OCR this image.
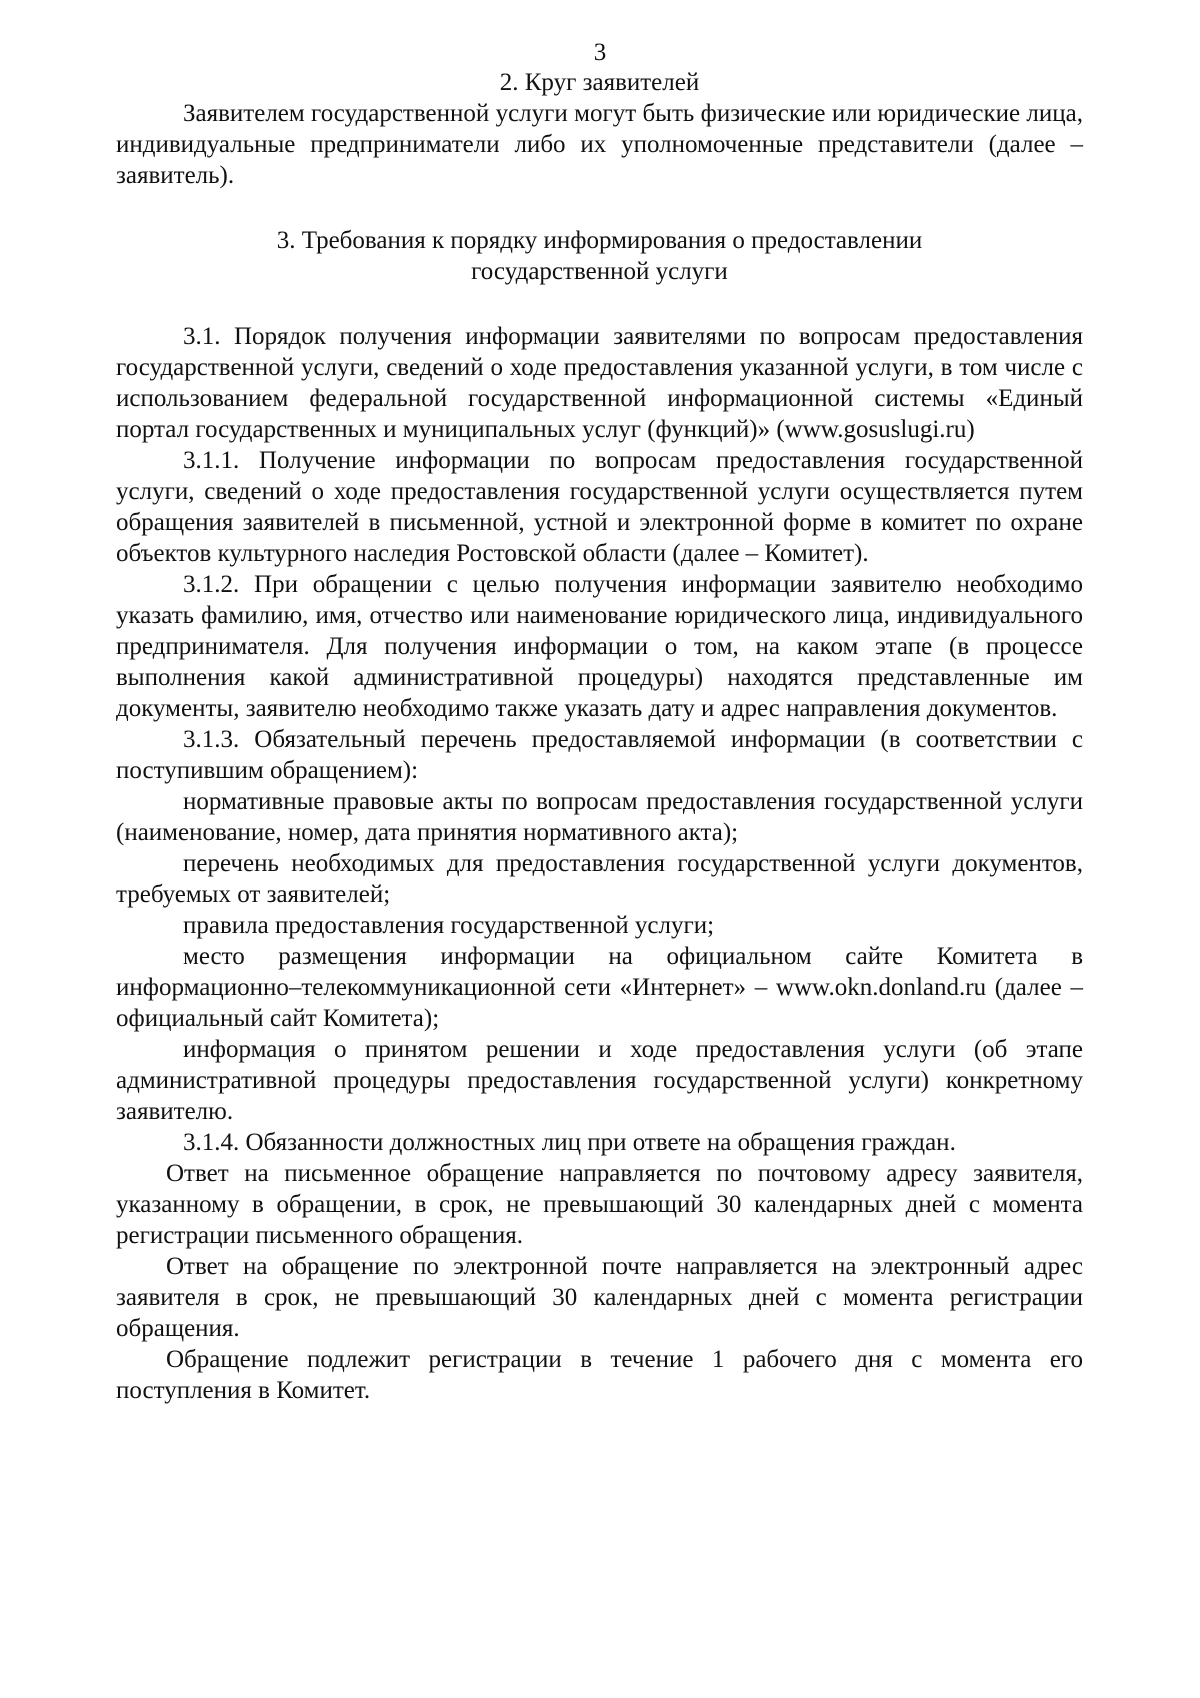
3

2. Круг заявителей

Заявителем государственной услуги могут быть физические или юридические лица, индивидуальные предприниматели либо их уполномоченные представители (далее – заявитель).

3. Требования к порядку информирования о предоставлении государственной услуги

3.1. Порядок получения информации заявителями по вопросам предоставления государственной услуги, сведений о ходе предоставления указанной услуги, в том числе с использованием федеральной государственной информационной системы «Единый портал государственных и муниципальных услуг (функций)» (www.gosuslugi.ru)

3.1.1. Получение информации по вопросам предоставления государственной услуги, сведений о ходе предоставления государственной услуги осуществляется путем обращения заявителей в письменной, устной и электронной форме в комитет по охране объектов культурного наследия Ростовской области (далее – Комитет).

3.1.2. При обращении с целью получения информации заявителю необходимо указать фамилию, имя, отчество или наименование юридического лица, индивидуального предпринимателя. Для получения информации о том, на каком этапе (в процессе выполнения какой административной процедуры) находятся представленные им документы, заявителю необходимо также указать дату и адрес направления документов.

3.1.3. Обязательный перечень предоставляемой информации (в соответствии с поступившим обращением):

нормативные правовые акты по вопросам предоставления государственной услуги (наименование, номер, дата принятия нормативного акта);

перечень необходимых для предоставления государственной услуги документов, требуемых от заявителей;

правила предоставления государственной услуги;

место размещения информации на официальном сайте Комитета в информационно–телекоммуникационной сети «Интернет» – www.okn.donland.ru (далее – официальный сайт Комитета);

информация о принятом решении и ходе предоставления услуги (об этапе административной процедуры предоставления государственной услуги) конкретному заявителю.

3.1.4. Обязанности должностных лиц при ответе на обращения граждан.

Ответ на письменное обращение направляется по почтовому адресу заявителя, указанному в обращении, в срок, не превышающий 30 календарных дней с момента регистрации письменного обращения.

Ответ на обращение по электронной почте направляется на электронный адрес заявителя в срок, не превышающий 30 календарных дней с момента регистрации обращения.

Обращение подлежит регистрации в течение 1 рабочего дня с момента его поступления в Комитет.
